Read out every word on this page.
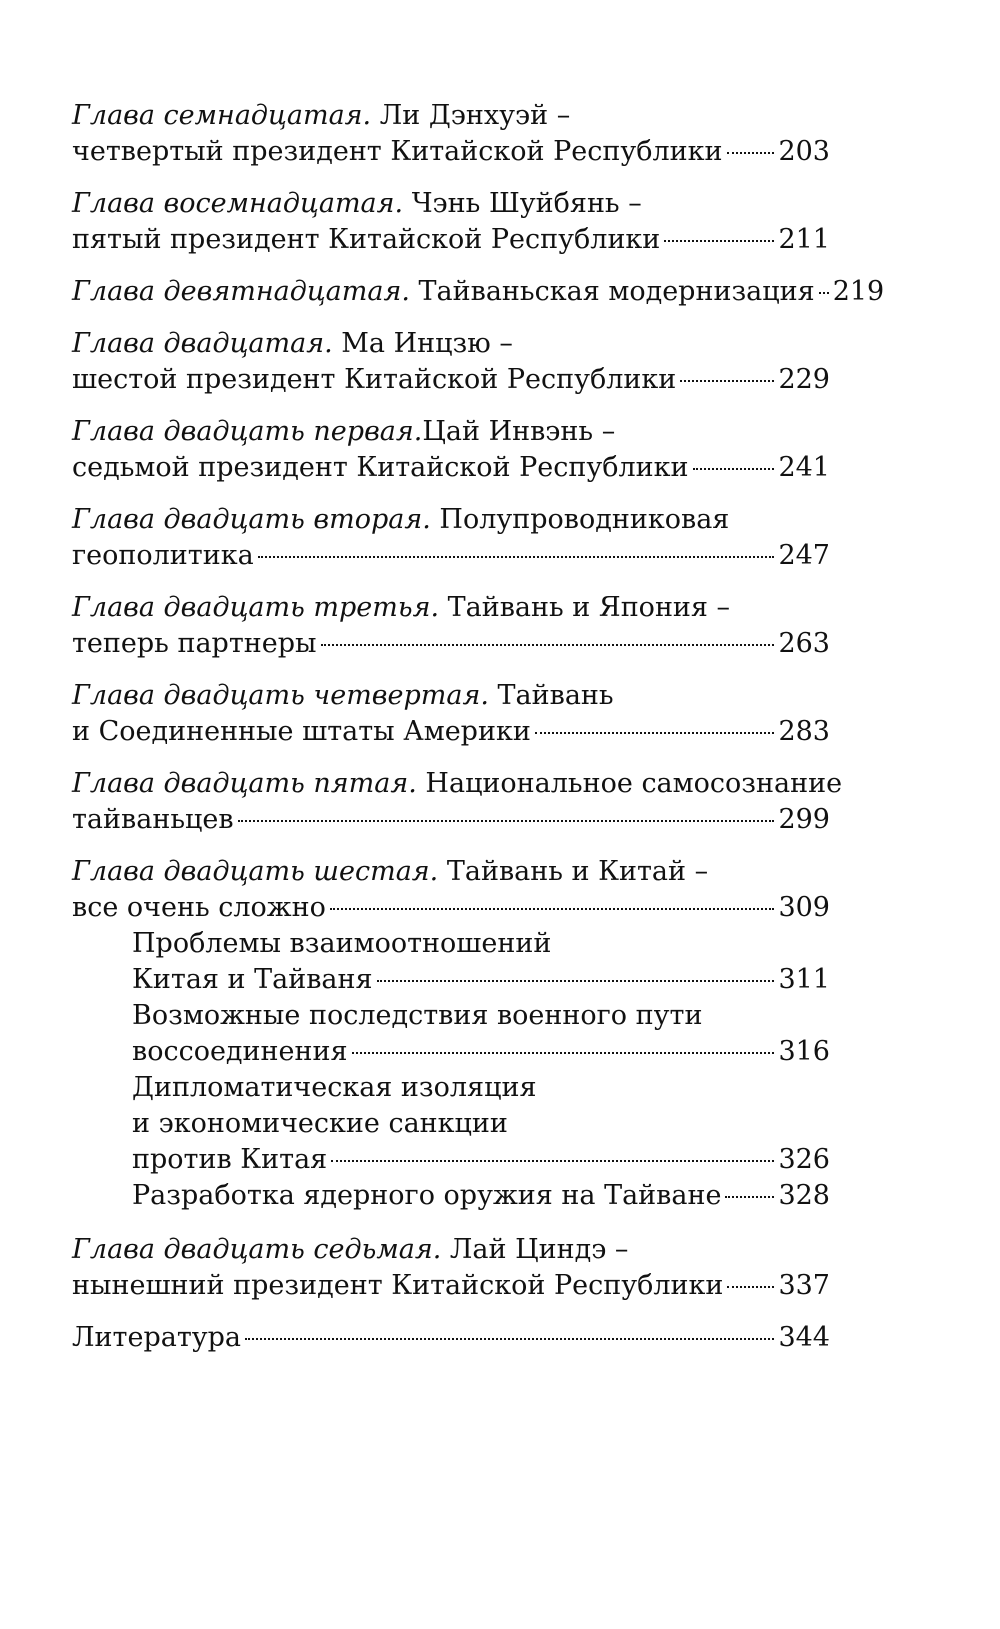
Глава семнадцатая. Ли Дэнхуэй –
четвертый президент Китайской Республики 203
Глава восемнадцатая. Чэнь Шуйбянь –
пятый президент Китайской Республики	211
Глава девятнадцатая. Тайваньская модернизация 219
Глава двадцатая. Ма Инцзю –
шестой президент Китайской Республики	229
Глава двадцать первая.Цай Инвэнь –
седьмой президент Китайской Республики	241
Глава двадцать вторая. Полупроводниковая
геополитика	247
Глава двадцать третья. Тайвань и Япония –
теперь партнеры	263
Глава двадцать четвертая. Тайвань
и Соединенные штаты Америки	283
Глава двадцать пятая. Национальное самосознание
тайваньцев	299
Глава двадцать шестая. Тайвань и Китай –
все очень сложно	309
Проблемы взаимоотношений
Китая и Тайваня	311
Возможные последствия военного пути
воссоединения	316
Дипломатическая изоляция
и экономические санкции
против Китая	326
Разработка ядерного оружия на Тайване 328
Глава двадцать седьмая. Лай Циндэ –
нынешний президент Китайской Республики 337
Литература	344
